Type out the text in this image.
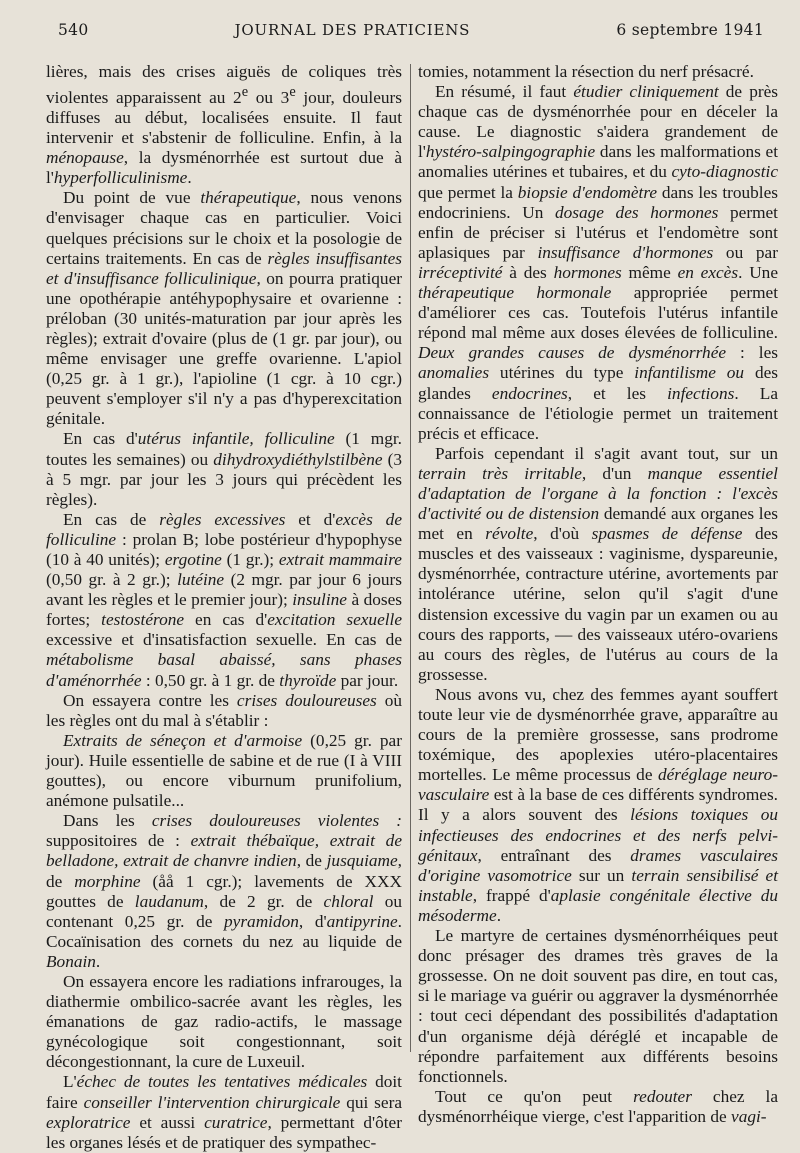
540	JOURNAL DES PRATICIENS	6 septembre 1941

lières, mais des crises aiguës de coliques très violentes apparaissent au 2e ou 3e jour, douleurs diffuses au début, localisées ensuite. Il faut intervenir et s'abstenir de folliculine. Enfin, à la ménopause, la dysménorrhée est surtout due à l'hyperfolliculinisme.

Du point de vue thérapeutique, nous venons d'envisager chaque cas en particulier. Voici quelques précisions sur le choix et la posologie de certains traitements. En cas de règles insuffisantes et d'insuffisance folliculinique, on pourra pratiquer une opothérapie antéhypophysaire et ovarienne : préloban (30 unités-maturation par jour après les règles); extrait d'ovaire (plus de (1 gr. par jour), ou même envisager une greffe ovarienne. L'apiol (0,25 gr. à 1 gr.), l'apioline (1 cgr. à 10 cgr.) peuvent s'employer s'il n'y a pas d'hyperexcitation génitale.

En cas d'utérus infantile, folliculine (1 mgr. toutes les semaines) ou dihydroxydiéthylstilbène (3 à 5 mgr. par jour les 3 jours qui précèdent les règles).

En cas de règles excessives et d'excès de folliculine : prolan B; lobe postérieur d'hypophyse (10 à 40 unités); ergotine (1 gr.); extrait mammaire (0,50 gr. à 2 gr.); lutéine (2 mgr. par jour 6 jours avant les règles et le premier jour); insuline à doses fortes; testostérone en cas d'excitation sexuelle excessive et d'insatisfaction sexuelle. En cas de métabolisme basal abaissé, sans phases d'aménorrhée : 0,50 gr. à 1 gr. de thyroïde par jour.

On essayera contre les crises douloureuses où les règles ont du mal à s'établir :

Extraits de séneçon et d'armoise (0,25 gr. par jour). Huile essentielle de sabine et de rue (I à VIII gouttes), ou encore viburnum prunifolium, anémone pulsatile...

Dans les crises douloureuses violentes : suppositoires de : extrait thébaïque, extrait de belladone, extrait de chanvre indien, de jusquiame, de morphine (åå 1 cgr.); lavements de XXX gouttes de laudanum, de 2 gr. de chloral ou contenant 0,25 gr. de pyramidon, d'antipyrine. Cocaïnisation des cornets du nez au liquide de Bonain.

On essayera encore les radiations infrarouges, la diathermie ombilico-sacrée avant les règles, les émanations de gaz radio-actifs, le massage gynécologique soit congestionnant, soit décongestionnant, la cure de Luxeuil.

L'échec de toutes les tentatives médicales doit faire conseiller l'intervention chirurgicale qui sera exploratrice et aussi curatrice, permettant d'ôter les organes lésés et de pratiquer des sympathec-

tomies, notamment la résection du nerf présacré.

En résumé, il faut étudier cliniquement de près chaque cas de dysménorrhée pour en déceler la cause. Le diagnostic s'aidera grandement de l'hystéro-salpingographie dans les malformations et anomalies utérines et tubaires, et du cyto-diagnostic que permet la biopsie d'endomètre dans les troubles endocriniens. Un dosage des hormones permet enfin de préciser si l'utérus et l'endomètre sont aplasiques par insuffisance d'hormones ou par irréceptivité à des hormones même en excès. Une thérapeutique hormonale appropriée permet d'améliorer ces cas. Toutefois l'utérus infantile répond mal même aux doses élevées de folliculine. Deux grandes causes de dysménorrhée : les anomalies utérines du type infantilisme ou des glandes endocrines, et les infections. La connaissance de l'étiologie permet un traitement précis et efficace.

Parfois cependant il s'agit avant tout, sur un terrain très irritable, d'un manque essentiel d'adaptation de l'organe à la fonction : l'excès d'activité ou de distension demandé aux organes les met en révolte, d'où spasmes de défense des muscles et des vaisseaux : vaginisme, dyspareunie, dysménorrhée, contracture utérine, avortements par intolérance utérine, selon qu'il s'agit d'une distension excessive du vagin par un examen ou au cours des rapports, — des vaisseaux utéro-ovariens au cours des règles, de l'utérus au cours de la grossesse.

Nous avons vu, chez des femmes ayant souffert toute leur vie de dysménorrhée grave, apparaître au cours de la première grossesse, sans prodrome toxémique, des apoplexies utéro-placentaires mortelles. Le même processus de déréglage neuro-vasculaire est à la base de ces différents syndromes. Il y a alors souvent des lésions toxiques ou infectieuses des endocrines et des nerfs pelvi-génitaux, entraînant des drames vasculaires d'origine vasomotrice sur un terrain sensibilisé et instable, frappé d'aplasie congénitale élective du mésoderme.

Le martyre de certaines dysménorrhéiques peut donc présager des drames très graves de la grossesse. On ne doit souvent pas dire, en tout cas, si le mariage va guérir ou aggraver la dysménorrhée : tout ceci dépendant des possibilités d'adaptation d'un organisme déjà déréglé et incapable de répondre parfaitement aux différents besoins fonctionnels.

Tout ce qu'on peut redouter chez la dysménorrhéique vierge, c'est l'apparition de vagi-
